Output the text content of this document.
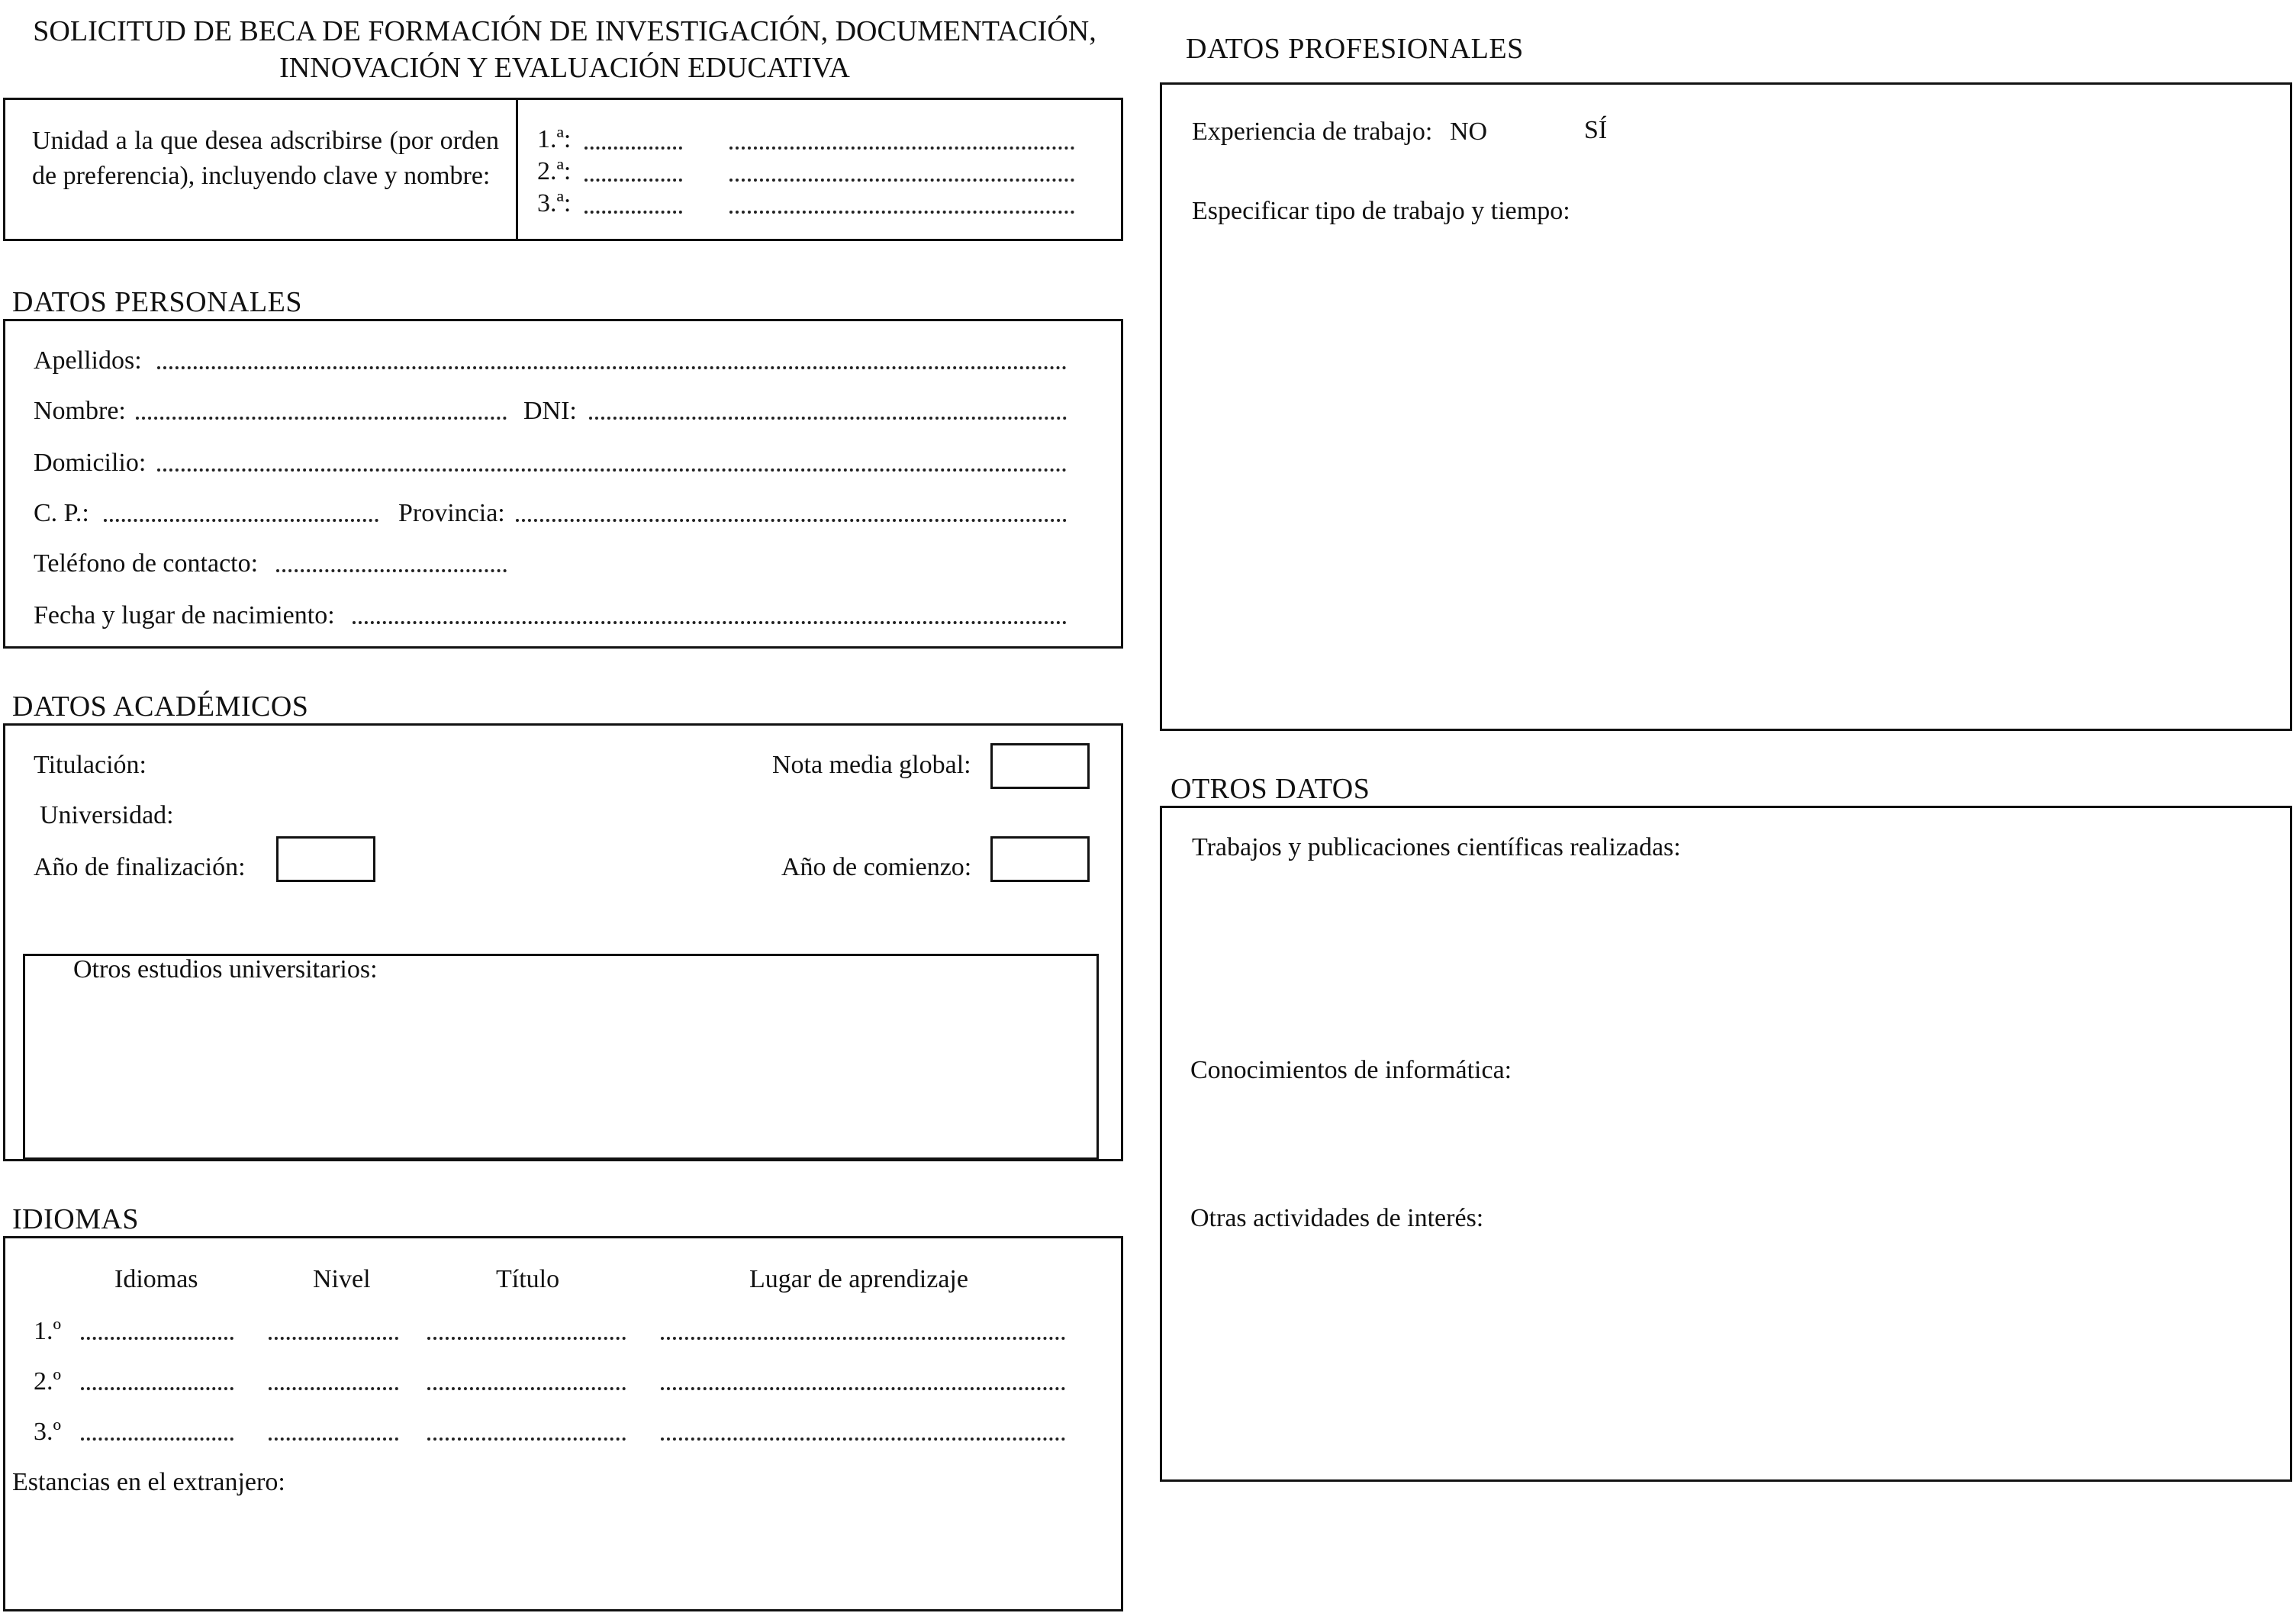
SOLICITUD DE BECA DE FORMACIÓN DE INVESTIGACIÓN, DOCUMENTACIÓN,
INNOVACIÓN Y EVALUACIÓN EDUCATIVA
Unidad a la que desea adscribirse (por orden de preferencia), incluyendo clave y nombre:
1.ª:
2.ª:
3.ª:
DATOS PERSONALES
Apellidos:
Nombre:	DNI:
Domicilio:
C. P.:	Provincia:
Teléfono de contacto:
Fecha y lugar de nacimiento:
DATOS ACADÉMICOS
Titulación:	Nota media global:
Universidad:
Año de finalización:	Año de comienzo:
Otros estudios universitarios:
IDIOMAS
Idiomas	Nivel	Título	Lugar de aprendizaje
1.º
2.º
3.º
Estancias en el extranjero:
DATOS PROFESIONALES
Experiencia de trabajo: NO	SÍ
Especificar tipo de trabajo y tiempo:
OTROS DATOS
Trabajos y publicaciones científicas realizadas:
Conocimientos de informática:
Otras actividades de interés:
